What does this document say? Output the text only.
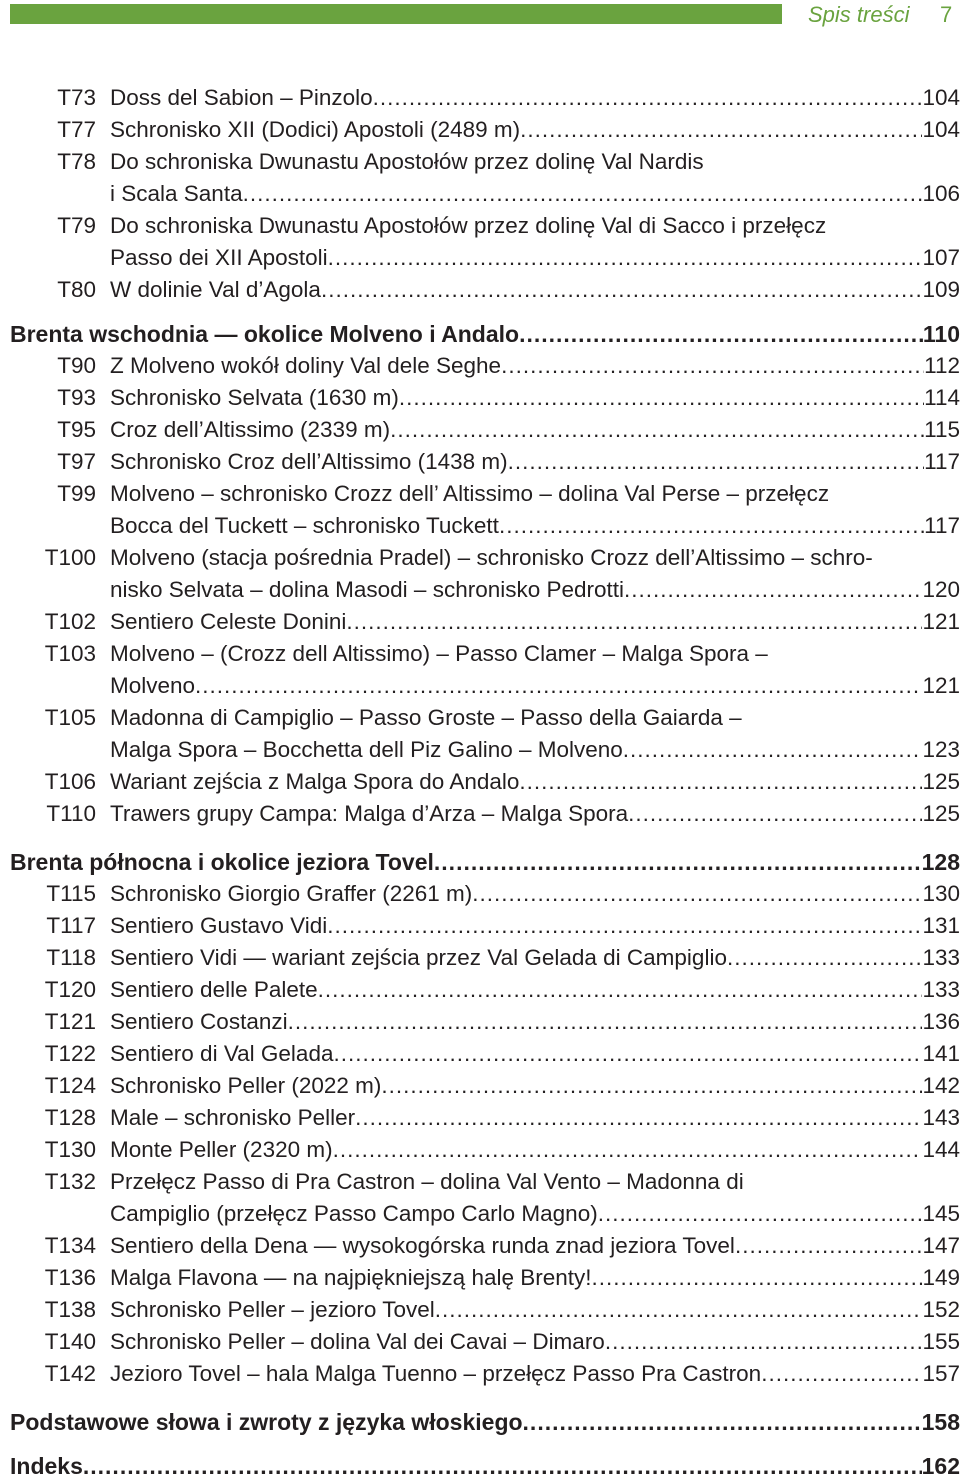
Spis treści 7
T73 Doss del Sabion – Pinzolo .....	104
T77 Schronisko XII (Dodici) Apostoli (2489 m) .....	104
T78 Do schroniska Dwunastu Apostołów przez dolinę Val Nardis
i Scala Santa .....	106
T79 Do schroniska Dwunastu Apostołów przez dolinę Val di Sacco i przełęcz
Passo dei XII Apostoli .....	107
T80 W dolinie Val d’Agola .....	109
Brenta wschodnia — okolice Molveno i Andalo .....	110
T90 Z Molveno wokół doliny Val dele Seghe .....	112
T93 Schronisko Selvata (1630 m) .....	114
T95 Croz dell’Altissimo (2339 m) .....	115
T97 Schronisko Croz dell’Altissimo (1438 m) .....	117
T99 Molveno – schronisko Crozz dell’ Altissimo – dolina Val Perse – przełęcz
Bocca del Tuckett – schronisko Tuckett .....	117
T100 Molveno (stacja pośrednia Pradel) – schronisko Crozz dell’Altissimo – schro-
nisko Selvata – dolina Masodi – schronisko Pedrotti .....	120
T102 Sentiero Celeste Donini .....	121
T103 Molveno – (Crozz dell Altissimo) – Passo Clamer – Malga Spora –
Molveno .....	121
T105 Madonna di Campiglio – Passo Groste – Passo della Gaiarda –
Malga Spora – Bocchetta dell Piz Galino – Molveno .....	123
T106 Wariant zejścia z Malga Spora do Andalo .....	125
T110 Trawers grupy Campa: Malga d’Arza – Malga Spora .....	125
Brenta północna i okolice jeziora Tovel .....	128
T115 Schronisko Giorgio Graffer (2261 m) .....	130
T117 Sentiero Gustavo Vidi .....	131
T118 Sentiero Vidi — wariant zejścia przez Val Gelada di Campiglio .....	133
T120 Sentiero delle Palete .....	133
T121 Sentiero Costanzi .....	136
T122 Sentiero di Val Gelada .....	141
T124 Schronisko Peller (2022 m) .....	142
T128 Male – schronisko Peller .....	143
T130 Monte Peller (2320 m) .....	144
T132 Przełęcz Passo di Pra Castron – dolina Val Vento – Madonna di
Campiglio (przełęcz Passo Campo Carlo Magno) .....	145
T134 Sentiero della Dena — wysokogórska runda znad jeziora Tovel .....	147
T136 Malga Flavona — na najpiękniejszą halę Brenty! .....	149
T138 Schronisko Peller – jezioro Tovel .....	152
T140 Schronisko Peller – dolina Val dei Cavai – Dimaro .....	155
T142 Jezioro Tovel – hala Malga Tuenno – przełęcz Passo Pra Castron .....	157
Podstawowe słowa i zwroty z języka włoskiego .....	158
Indeks .....	162
